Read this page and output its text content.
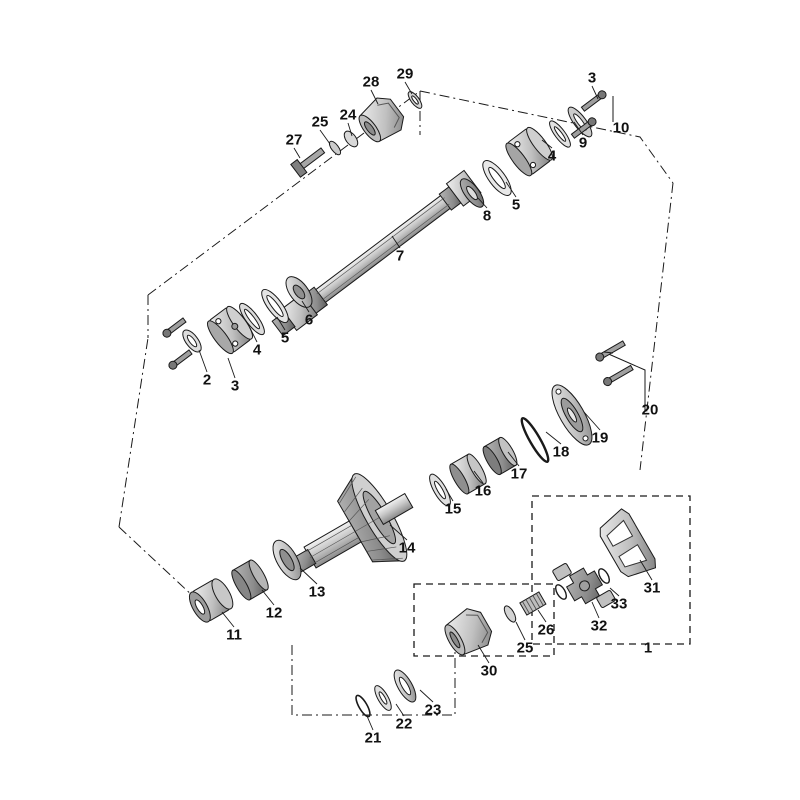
1
2 3
3
4
4
5
5
6
7
8
9
10
11
12
13
14
15
16
17
18
19
20
21
22
23
24
25
25
26
27
28 29
30
31
32
33
